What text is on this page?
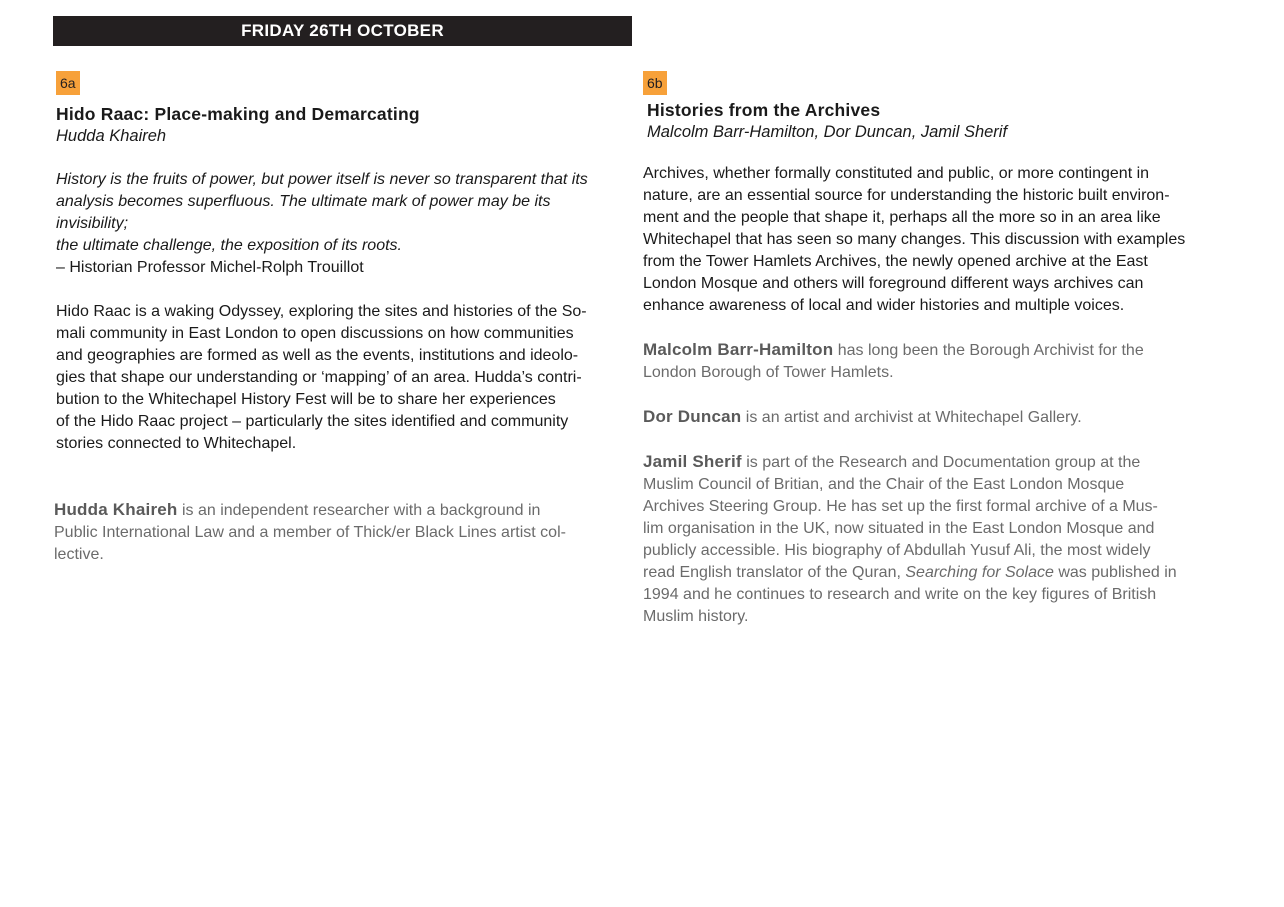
FRIDAY 26TH OCTOBER
6a

Hido Raac: Place-making and Demarcating

Hudda Khaireh

History is the fruits of power, but power itself is never so transparent that its

analysis becomes superfluous. The ultimate mark of power may be its invisibility;

the ultimate challenge, the exposition of its roots.

– Historian Professor Michel-Rolph Trouillot

Hido Raac is a waking Odyssey, exploring the sites and histories of the So-

mali community in East London to open discussions on how communities

and geographies are formed as well as the events, institutions and ideolo-

gies that shape our understanding or ‘mapping’ of an area. Hudda’s contri-

bution to the Whitechapel History Fest will be to share her experiences

of the Hido Raac project – particularly the sites identified and community

stories connected to Whitechapel.

Hudda Khaireh is an independent researcher with a background in

Public International Law and a member of Thick/er Black Lines artist col-

lective.

6b

Histories from the Archives

Malcolm Barr-Hamilton, Dor Duncan, Jamil Sherif

Archives, whether formally constituted and public, or more contingent in

nature, are an essential source for understanding the historic built environ-

ment and the people that shape it, perhaps all the more so in an area like

Whitechapel that has seen so many changes. This discussion with examples

from the Tower Hamlets Archives, the newly opened archive at the East

London Mosque and others will foreground different ways archives can

enhance awareness of local and wider histories and multiple voices.

Malcolm Barr-Hamilton has long been the Borough Archivist for the

London Borough of Tower Hamlets.

Dor Duncan is an artist and archivist at Whitechapel Gallery.

Jamil Sherif is part of the Research and Documentation group at the

Muslim Council of Britian, and the Chair of the East London Mosque

Archives Steering Group. He has set up the first formal archive of a Mus-

lim organisation in the UK, now situated in the East London Mosque and

publicly accessible. His biography of Abdullah Yusuf Ali, the most widely

read English translator of the Quran, Searching for Solace was published in

1994 and he continues to research and write on the key figures of British

Muslim history.
